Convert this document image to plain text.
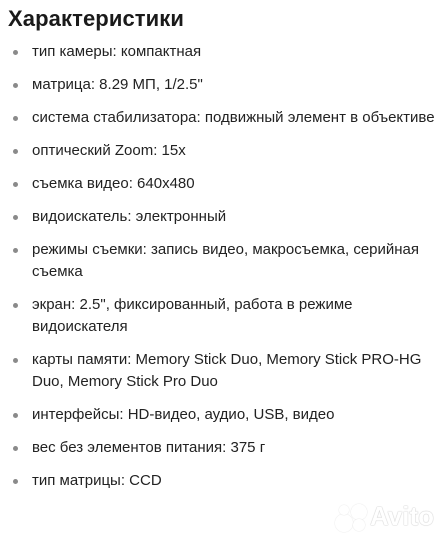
Характеристики
тип камеры: компактная
матрица: 8.29 МП, 1/2.5"
система стабилизатора: подвижный элемент в объективе
оптический Zoom: 15x
съемка видео: 640x480
видоискатель: электронный
режимы съемки: запись видео, макросъемка, серийная съемка
экран: 2.5", фиксированный, работа в режиме видоискателя
карты памяти: Memory Stick Duo, Memory Stick PRO-HG Duo, Memory Stick Pro Duo
интерфейсы: HD-видео, аудио, USB, видео
вес без элементов питания: 375 г
тип матрицы: CCD
Avito
